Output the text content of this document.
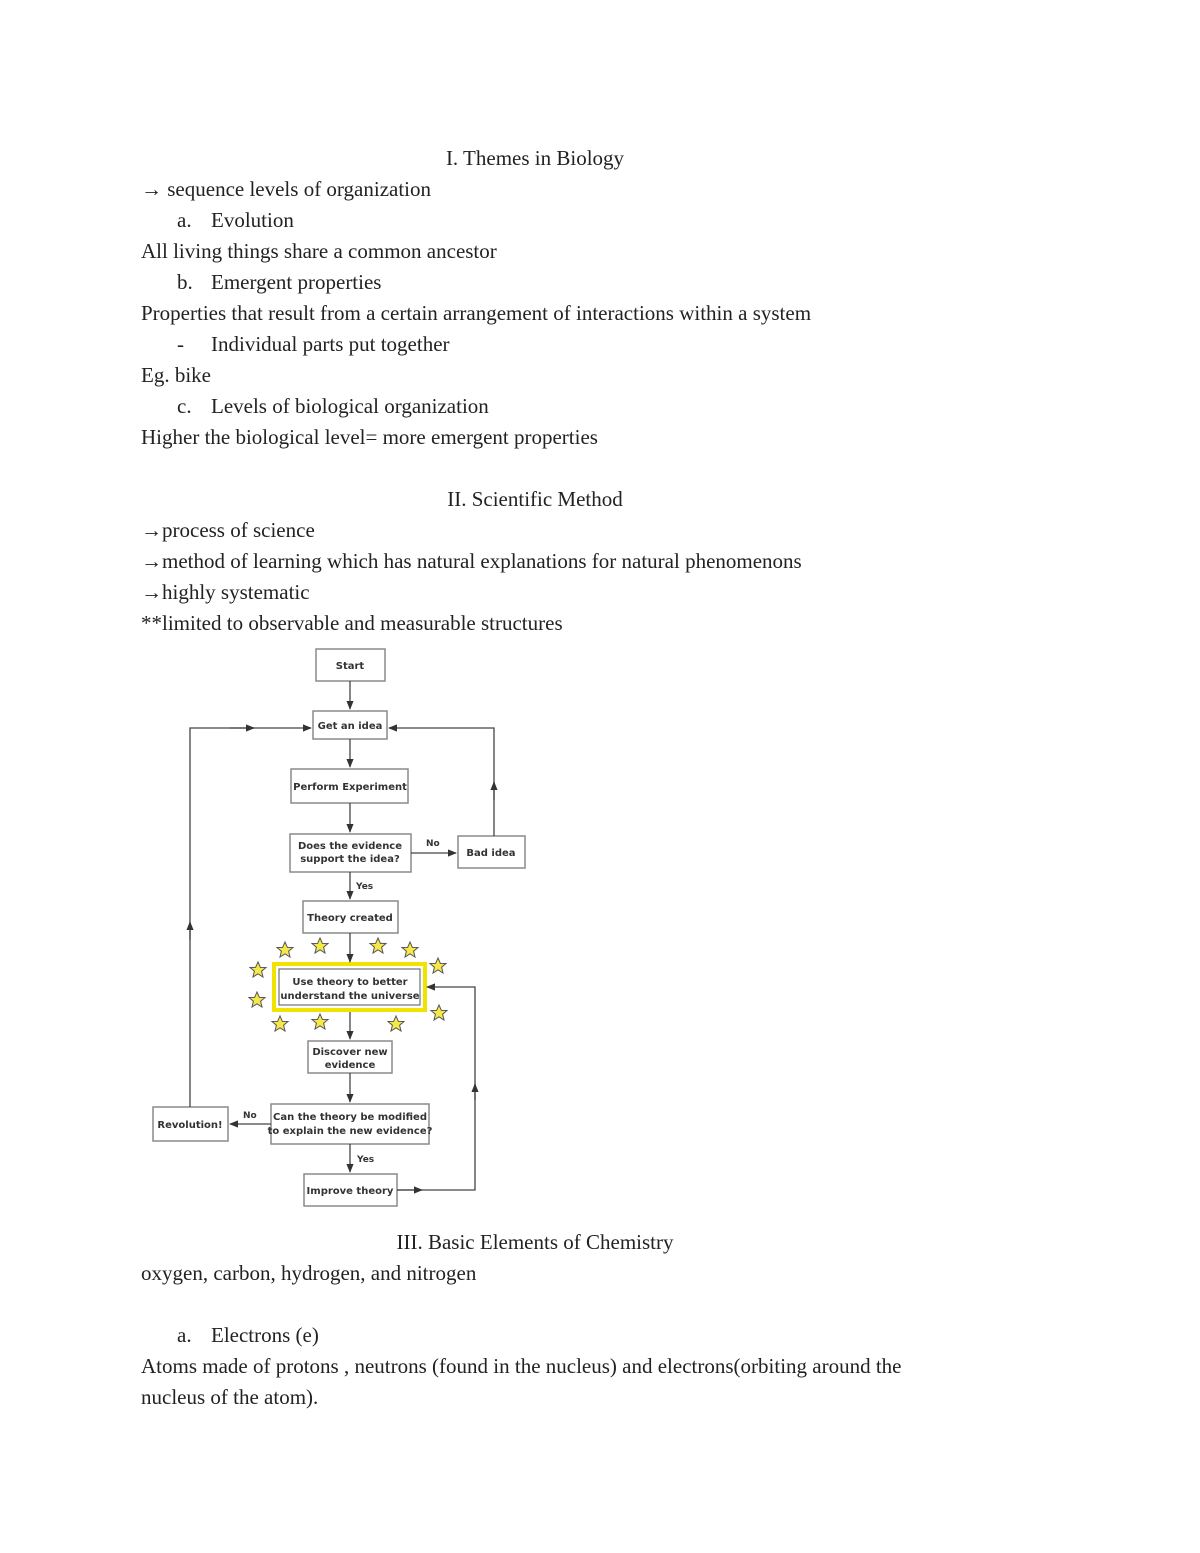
I. Themes in Biology
→ sequence levels of organization
a. Evolution
All living things share a common ancestor
b. Emergent properties
Properties that result from a certain arrangement of interactions within a system
- Individual parts put together
Eg. bike
c. Levels of biological organization
Higher the biological level= more emergent properties
II. Scientific Method
→process of science
→method of learning which has natural explanations for natural phenomenons
→highly systematic
**limited to observable and measurable structures
Start
Get an idea
Perform Experiment
Does the evidence
support the idea?
Bad idea
No
Yes
Theory created
Use theory to better
understand the universe
Discover new
evidence
Can the theory be modified
to explain the new evidence?
Revolution!
No
Yes
Improve theory
III. Basic Elements of Chemistry
oxygen, carbon, hydrogen, and nitrogen
a. Electrons (e)
Atoms made of protons , neutrons (found in the nucleus) and electrons(orbiting around the
nucleus of the atom).
